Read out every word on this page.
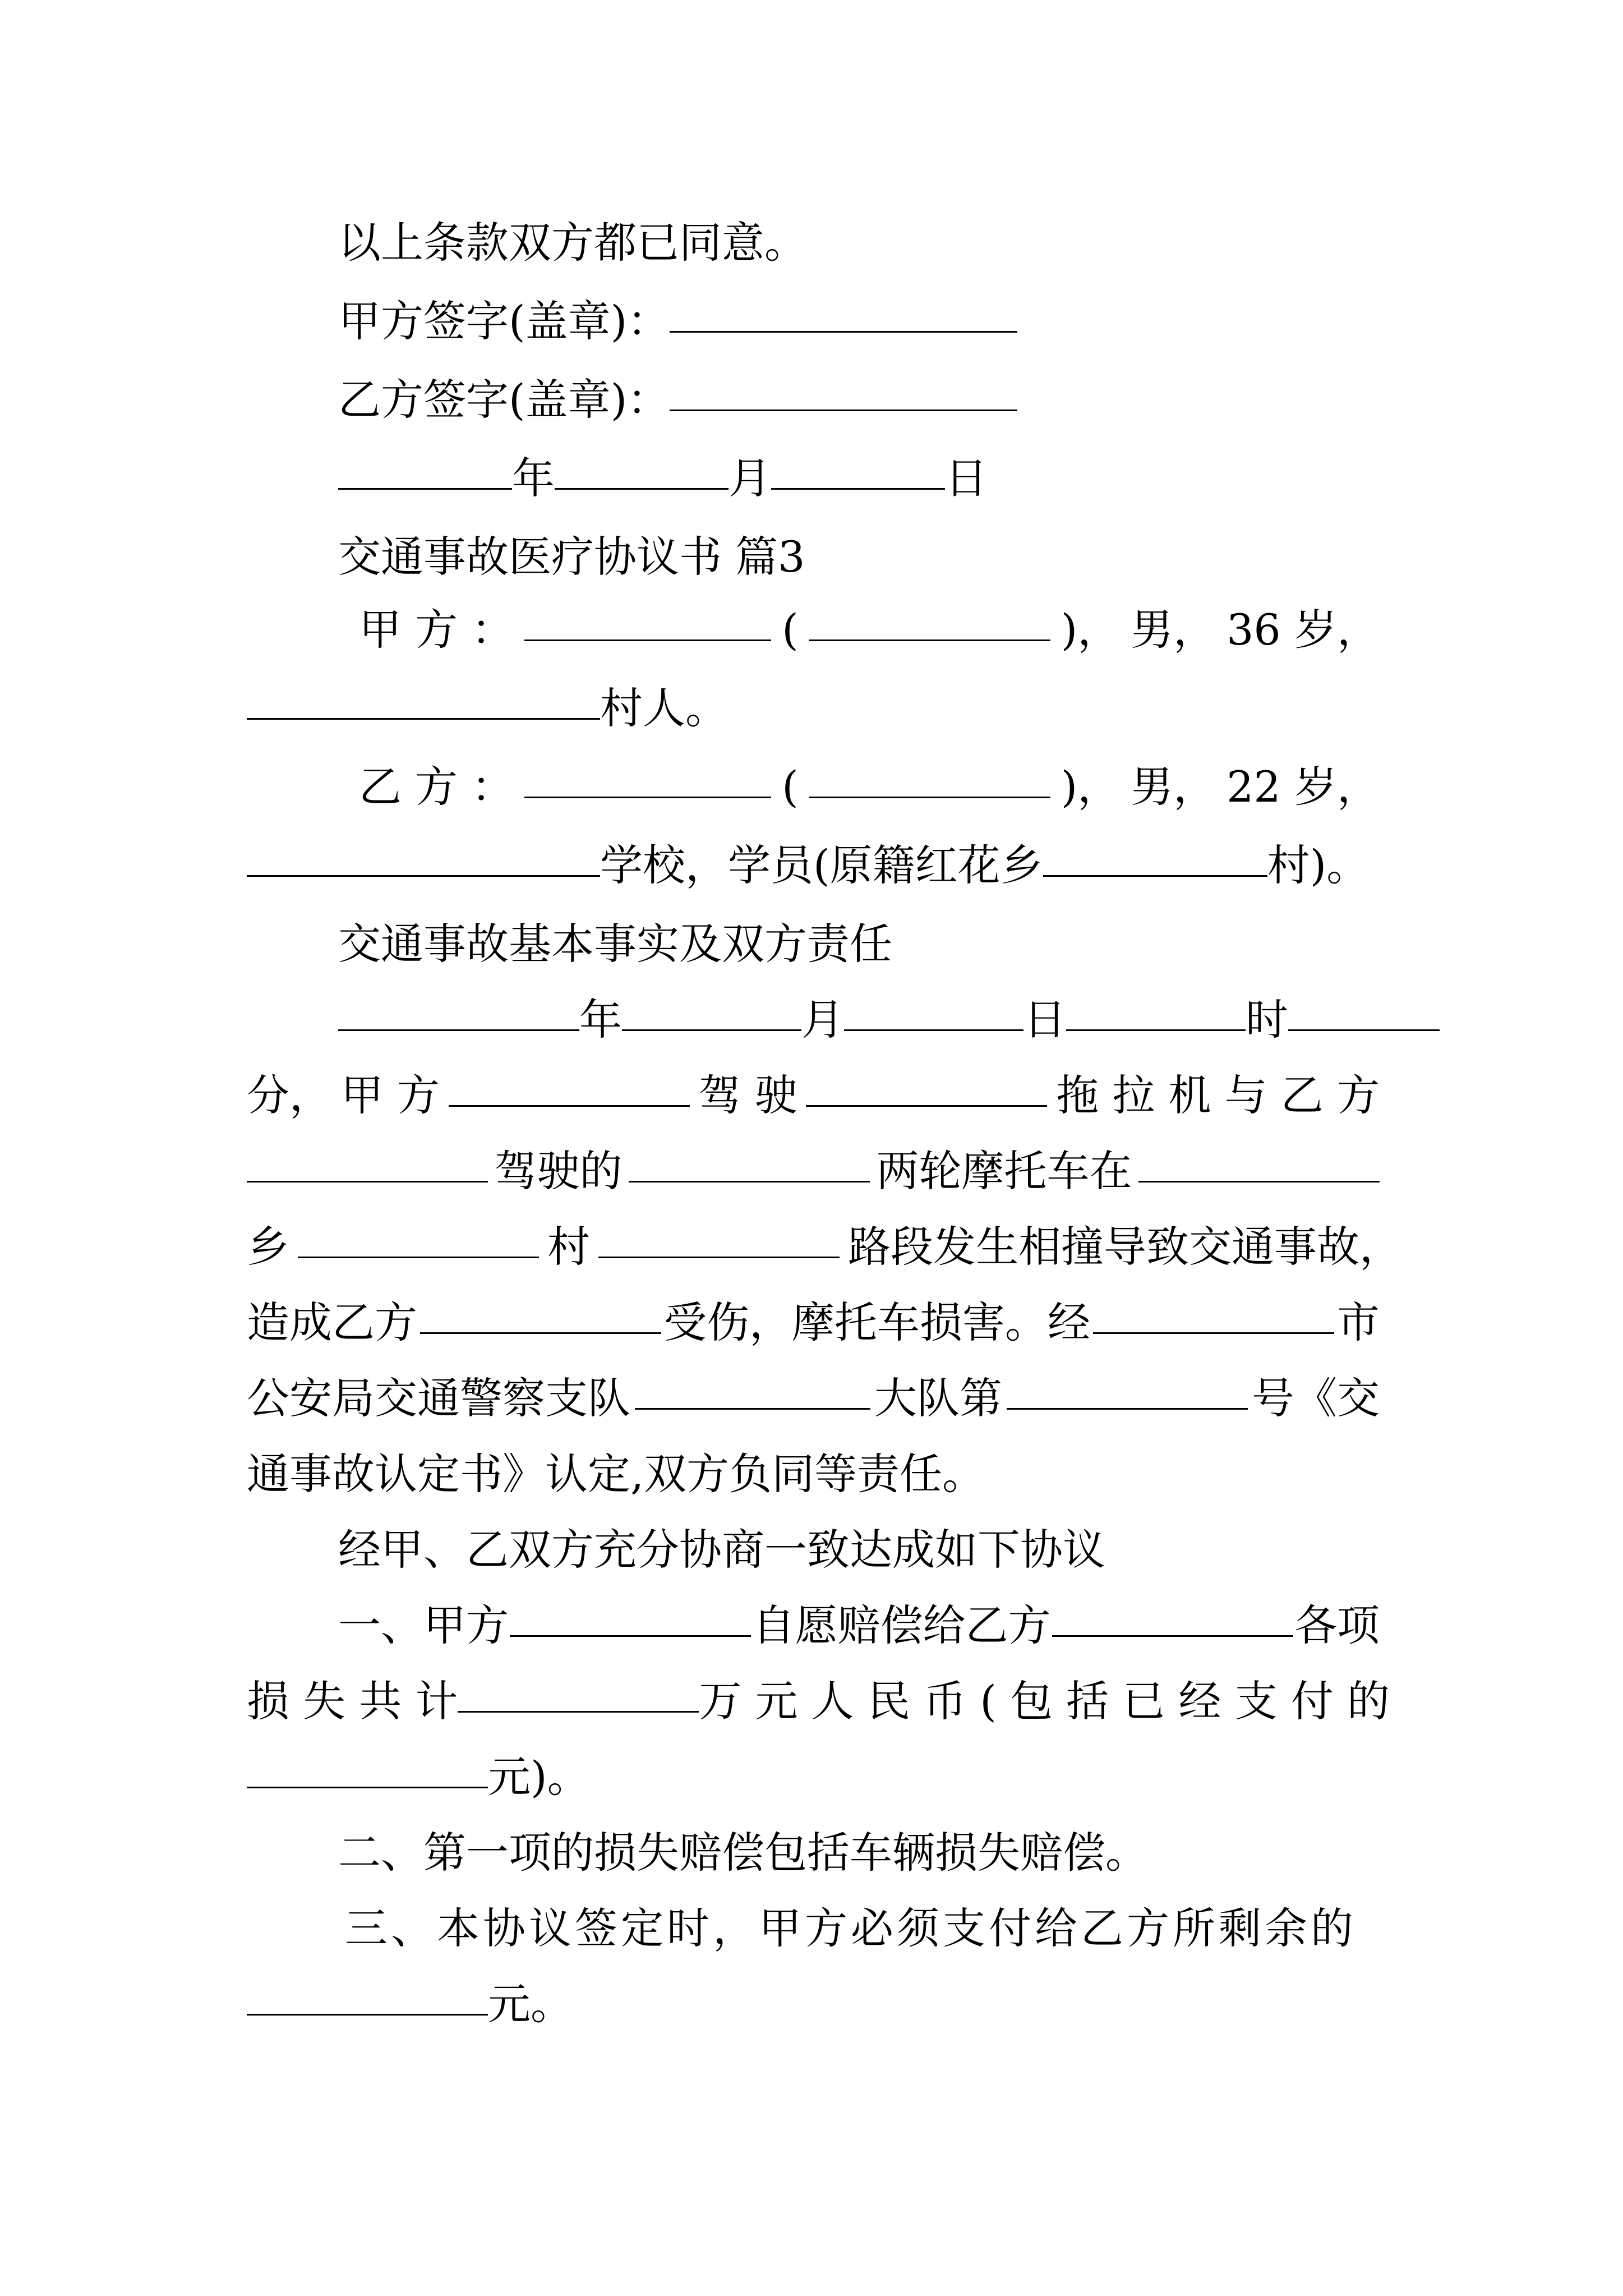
以上条款双方都已同意。
甲方签字(盖章)：
乙方签字(盖章)：
年	月	日
交通事故医疗协议书 篇3
甲 方 ：	(	)， 男， 36 岁，
村人。
乙 方 ：	(	)， 男， 22 岁，
学校，学员(原籍红花乡	村)。
交通事故基本事实及双方责任
年	月	日	时
分， 甲 方	驾 驶	拖 拉 机 与 乙 方
驾驶的	两轮摩托车在
乡	村	路段发生相撞导致交通事故，
造成乙方	受伤，摩托车损害。经	市
公安局交通警察支队	大队第	号《交
通事故认定书》认定,双方负同等责任。
经甲、乙双方充分协商一致达成如下协议
一、甲方	自愿赔偿给乙方	各项
损 失 共 计	万 元 人 民 币 ( 包 括 已 经 支 付 的
元)。
二、第一项的损失赔偿包括车辆损失赔偿。
三、本协议签定时，甲方必须支付给乙方所剩余的
元。
